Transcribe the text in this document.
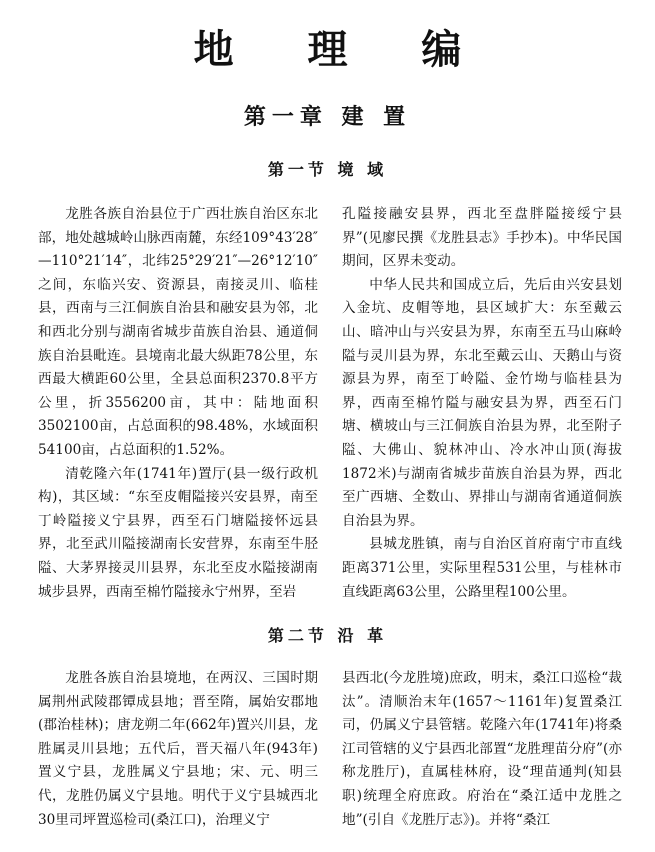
地 理 编
第一章 建 置
第一节 境 域

龙胜各族自治县位于广西壮族自治区东北部，地处越城岭山脉西南麓，东经109°43′28″—110°21′14″，北纬25°29′21″—26°12′10″之间，东临兴安、资源县，南接灵川、临桂县，西南与三江侗族自治县和融安县为邻，北和西北分别与湖南省城步苗族自治县、通道侗族自治县毗连。县境南北最大纵距78公里，东西最大横距60公里，全县总面积2370.8平方公里，折3556200亩，其中：陆地面积3502100亩，占总面积的98.48%，水域面积54100亩，占总面积的1.52%。

清乾隆六年(1741年)置厅(县一级行政机构)，其区域：“东至皮帽隘接兴安县界，南至丁岭隘接义宁县界，西至石门塘隘接怀远县界，北至武川隘接湖南长安营界，东南至牛胫隘、大茅界接灵川县界，东北至皮水隘接湖南城步县界，西南至棉竹隘接永宁州界，至岩

孔隘接融安县界，西北至盘胖隘接绥宁县界”(见廖民撰《龙胜县志》手抄本)。中华民国期间，区界未变动。

中华人民共和国成立后，先后由兴安县划入金坑、皮帽等地，县区域扩大：东至戴云山、暗冲山与兴安县为界，东南至五马山麻岭隘与灵川县为界，东北至戴云山、天鹅山与资源县为界，南至丁岭隘、金竹坳与临桂县为界，西南至棉竹隘与融安县为界，西至石门塘、横坡山与三江侗族自治县为界，北至附子隘、大佛山、貌林冲山、冷水冲山顶(海拔1872米)与湖南省城步苗族自治县为界，西北至广西塘、全数山、界排山与湖南省通道侗族自治县为界。

县城龙胜镇，南与自治区首府南宁市直线距离371公里，实际里程531公里，与桂林市直线距离63公里，公路里程100公里。

第二节 沿 革

龙胜各族自治县境地，在两汉、三国时期属荆州武陵郡镡成县地；晋至隋，属始安郡地(郡治桂林)；唐龙朔二年(662年)置兴川县，龙胜属灵川县地；五代后，晋天福八年(943年)置义宁县，龙胜属义宁县地；宋、元、明三代，龙胜仍属义宁县地。明代于义宁县城西北30里司坪置巡检司(桑江口)，治理义宁

县西北(今龙胜境)庶政，明末，桑江口巡检“裁汰”。清顺治末年(1657～1161年)复置桑江司，仍属义宁县管辖。乾隆六年(1741年)将桑江司管辖的义宁县西北部置“龙胜理苗分府”(亦称龙胜厅)，直属桂林府，设“理苗通判(知县职)统理全府庶政。府治在“桑江适中龙胜之地”(引自《龙胜厅志》)。并将“桑江
